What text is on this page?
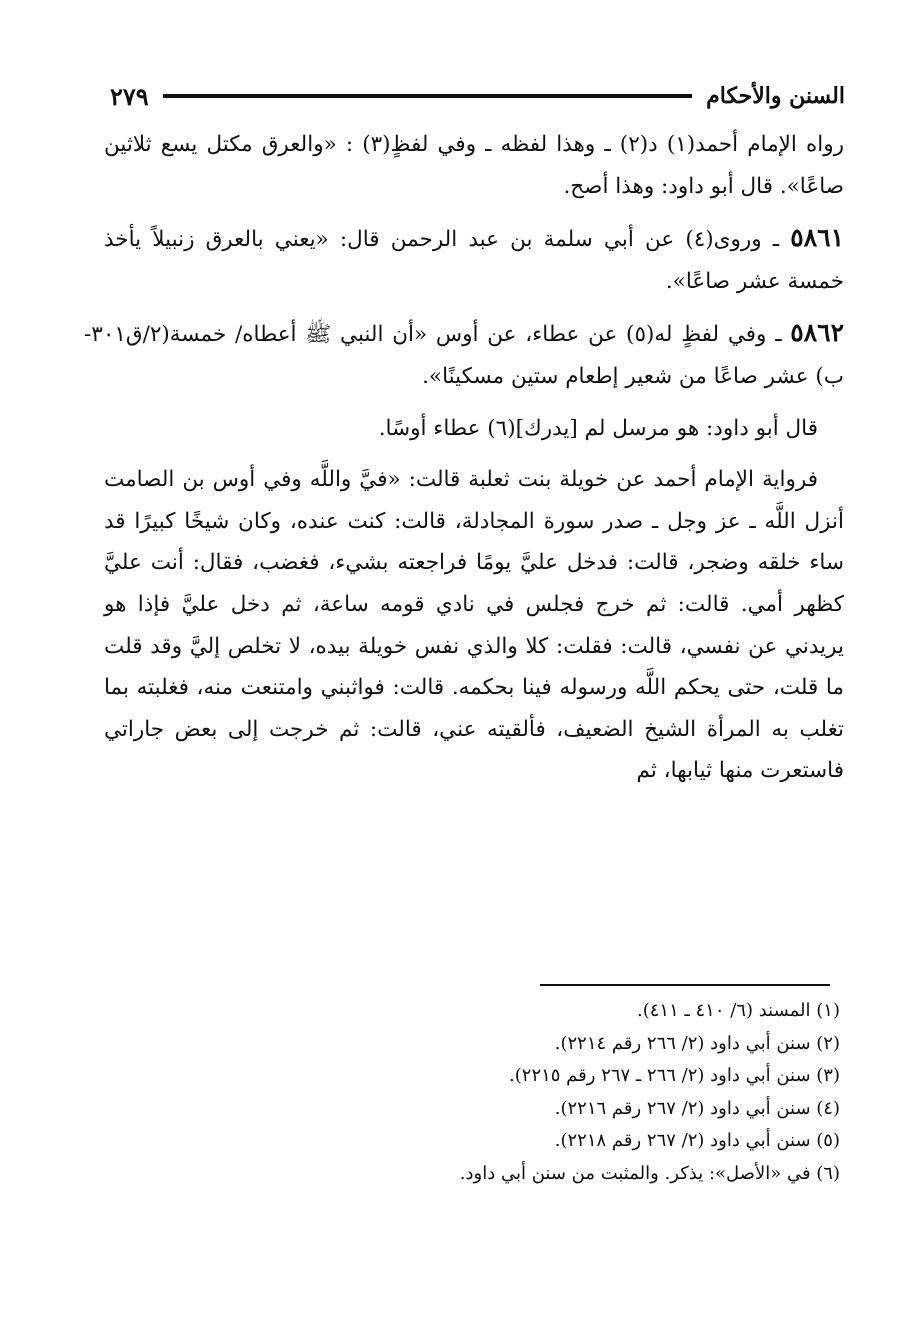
السنن والأحكام
٢٧٩

رواه الإمام أحمد(١) د(٢) ـ وهذا لفظه ـ وفي لفظٍ(٣) : «والعرق مكتل يسع ثلاثين صاعًا». قال أبو داود: وهذا أصح.

٥٨٦١ ـ وروى(٤) عن أبي سلمة بن عبد الرحمن قال: «يعني بالعرق زنبيلاً يأخذ خمسة عشر صاعًا».

٥٨٦٢ ـ وفي لفظٍ له(٥) عن عطاء، عن أوس «أن النبي ﷺ أعطاه/ خمسة(٢/ق٣٠١-ب) عشر صاعًا من شعير إطعام ستين مسكينًا».

قال أبو داود: هو مرسل لم [يدرك](٦) عطاء أوسًا.

فرواية الإمام أحمد عن خويلة بنت ثعلبة قالت: «فيَّ واللَّه وفي أوس بن الصامت أنزل اللَّه ـ عز وجل ـ صدر سورة المجادلة، قالت: كنت عنده، وكان شيخًا كبيرًا قد ساء خلقه وضجر، قالت: فدخل عليَّ يومًا فراجعته بشيء، فغضب، فقال: أنت عليَّ كظهر أمي. قالت: ثم خرج فجلس في نادي قومه ساعة، ثم دخل عليَّ فإذا هو يريدني عن نفسي، قالت: فقلت: كلا والذي نفس خويلة بيده، لا تخلص إليَّ وقد قلت ما قلت، حتى يحكم اللَّه ورسوله فينا بحكمه. قالت: فواثبني وامتنعت منه، فغلبته بما تغلب به المرأة الشيخ الضعيف، فألقيته عني، قالت: ثم خرجت إلى بعض جاراتي فاستعرت منها ثيابها، ثم

(١) المسند (٦/ ٤١٠ ـ ٤١١).
(٢) سنن أبي داود (٢/ ٢٦٦ رقم ٢٢١٤).
(٣) سنن أبي داود (٢/ ٢٦٦ ـ ٢٦٧ رقم ٢٢١٥).
(٤) سنن أبي داود (٢/ ٢٦٧ رقم ٢٢١٦).
(٥) سنن أبي داود (٢/ ٢٦٧ رقم ٢٢١٨).
(٦) في «الأصل»: يذكر. والمثبت من سنن أبي داود.
